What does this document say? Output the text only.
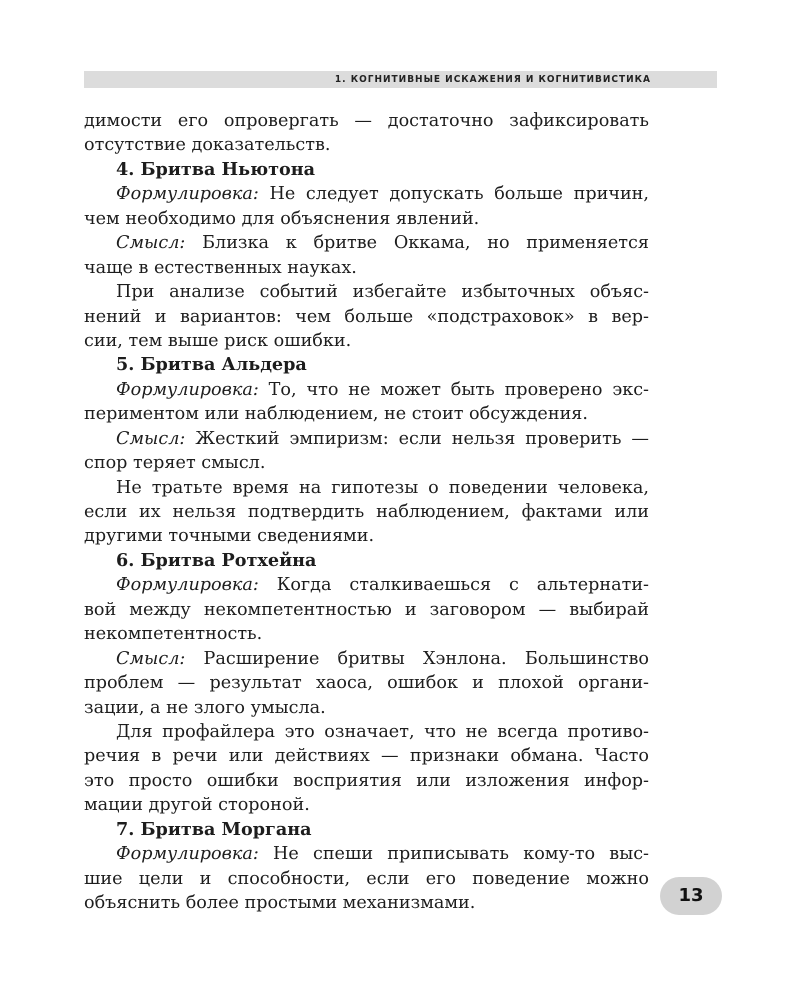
1. КОГНИТИВНЫЕ ИСКАЖЕНИЯ И КОГНИТИВИСТИКА
димости его опровергать — достаточно зафиксировать
отсутствие доказательств.
4. Бритва Ньютона
Формулировка: Не следует допускать больше причин,
чем необходимо для объяснения явлений.
Смысл: Близка к бритве Оккама, но применяется
чаще в естественных науках.
При анализе событий избегайте избыточных объяс-
нений и вариантов: чем больше «подстраховок» в вер-
сии, тем выше риск ошибки.
5. Бритва Альдера
Формулировка: То, что не может быть проверено экс-
периментом или наблюдением, не стоит обсуждения.
Смысл: Жесткий эмпиризм: если нельзя проверить —
спор теряет смысл.
Не тратьте время на гипотезы о поведении человека,
если их нельзя подтвердить наблюдением, фактами или
другими точными сведениями.
6. Бритва Ротхейна
Формулировка: Когда сталкиваешься с альтернати-
вой между некомпетентностью и заговором — выбирай
некомпетентность.
Смысл: Расширение бритвы Хэнлона. Большинство
проблем — результат хаоса, ошибок и плохой органи-
зации, а не злого умысла.
Для профайлера это означает, что не всегда противо-
речия в речи или действиях — признаки обмана. Часто
это просто ошибки восприятия или изложения инфор-
мации другой стороной.
7. Бритва Моргана
Формулировка: Не спеши приписывать кому-то выс-
шие цели и способности, если его поведение можно
объяснить более простыми механизмами.	13
